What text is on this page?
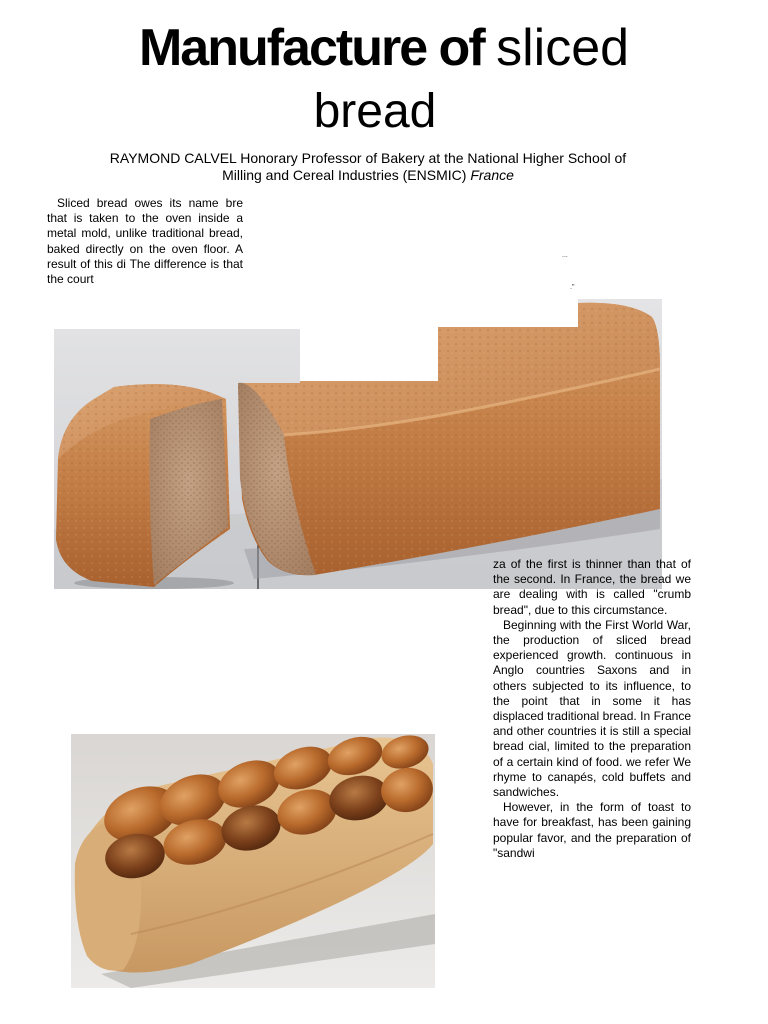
Manufacture of sliced
bread
RAYMOND CALVEL Honorary Professor of Bakery at the National Higher School of Milling and Cereal Industries (ENSMIC) France

Sliced bread owes its name bre that is taken to the oven inside a metal mold, unlike traditional bread, baked directly on the oven floor. A result of this di The difference is that the court

...
."

za of the first is thinner than that of the second. In France, the bread we are dealing with is called "crumb bread", due to this circumstance.

Beginning with the First World War, the production of sliced bread experienced growth. continuous in Anglo countries Saxons and in others subjected to its influence, to the point that in some it has displaced traditional bread. In France and other countries it is still a special bread cial, limited to the preparation of a certain kind of food. we refer We rhyme to canapés, cold buffets and sandwiches.

However, in the form of toast to have for breakfast, has been gaining popular favor, and the preparation of "sandwi
